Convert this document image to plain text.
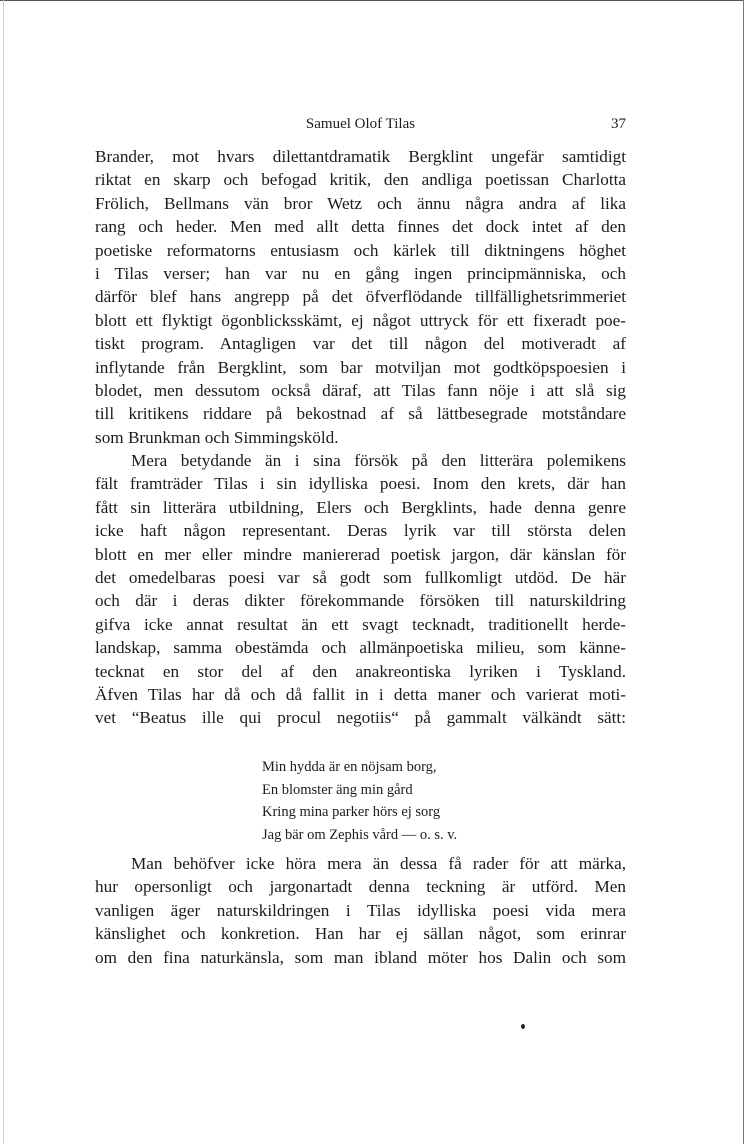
Samuel Olof Tilas	37
Brander, mot hvars dilettantdramatik Bergklint ungefär samtidigt
riktat en skarp och befogad kritik, den andliga poetissan Charlotta
Frölich, Bellmans vän bror Wetz och ännu några andra af lika
rang och heder. Men med allt detta finnes det dock intet af den
poetiske reformatorns entusiasm och kärlek till diktningens höghet
i Tilas verser; han var nu en gång ingen principmänniska, och
därför blef hans angrepp på det öfverflödande tillfällighetsrimmeriet
blott ett flyktigt ögonblicksskämt, ej något uttryck för ett fixeradt poe-
tiskt program. Antagligen var det till någon del motiveradt af
inflytande från Bergklint, som bar motviljan mot godtköpspoesien i
blodet, men dessutom också däraf, att Tilas fann nöje i att slå sig
till kritikens riddare på bekostnad af så lättbesegrade motståndare
som Brunkman och Simmingsköld.
Mera betydande än i sina försök på den litterära polemikens
fält framträder Tilas i sin idylliska poesi. Inom den krets, där han
fått sin litterära utbildning, Elers och Bergklints, hade denna genre
icke haft någon representant. Deras lyrik var till största delen
blott en mer eller mindre maniererad poetisk jargon, där känslan för
det omedelbaras poesi var så godt som fullkomligt utdöd. De här
och där i deras dikter förekommande försöken till naturskildring
gifva icke annat resultat än ett svagt tecknadt, traditionellt herde-
landskap, samma obestämda och allmänpoetiska milieu, som känne-
tecknat en stor del af den anakreontiska lyriken i Tyskland.
Äfven Tilas har då och då fallit in i detta maner och varierat moti-
vet “Beatus ille qui procul negotiis“ på gammalt välkändt sätt:
Min hydda är en nöjsam borg,
En blomster äng min gård
Kring mina parker hörs ej sorg
Jag bär om Zephis vård — o. s. v.
Man behöfver icke höra mera än dessa få rader för att märka,
hur opersonligt och jargonartadt denna teckning är utförd. Men
vanligen äger naturskildringen i Tilas idylliska poesi vida mera
känslighet och konkretion. Han har ej sällan något, som erinrar
om den fina naturkänsla, som man ibland möter hos Dalin och som
